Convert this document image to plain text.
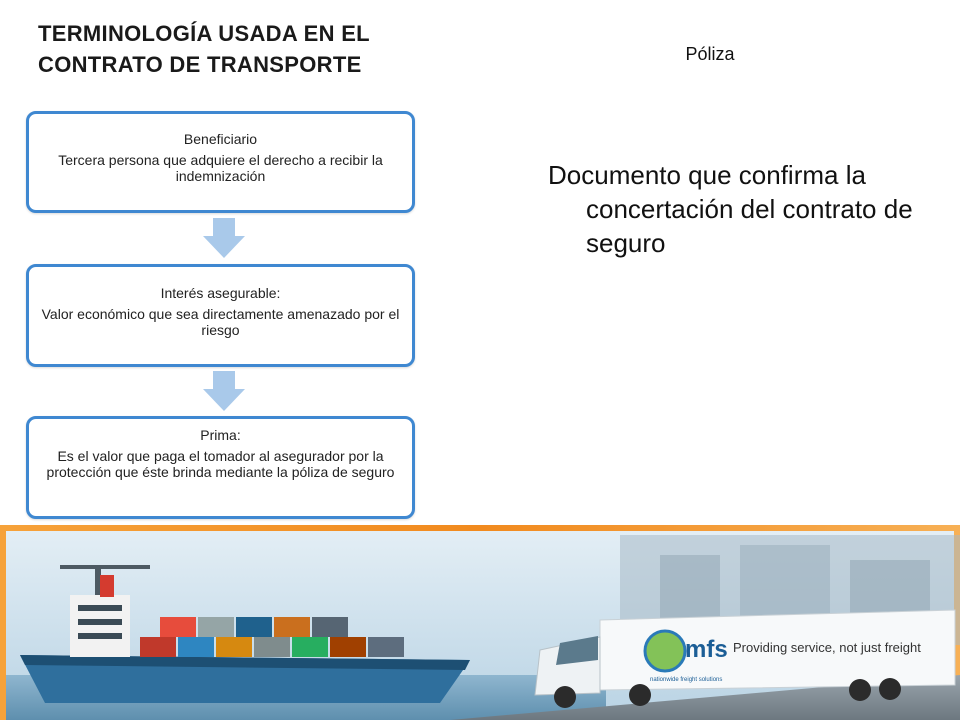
TERMINOLOGÍA USADA EN EL
CONTRATO DE TRANSPORTE	Póliza
Documento que confirma la concertación del contrato de seguro
Beneficiario
Tercera persona que adquiere el derecho a recibir la indemnización
Interés asegurable:
Valor económico que sea directamente amenazado por el riesgo
Prima:
Es el valor que paga el tomador al asegurador por la protección que éste brinda mediante la póliza de seguro
mfs
nationwide freight solutions
Providing service, not just freight
